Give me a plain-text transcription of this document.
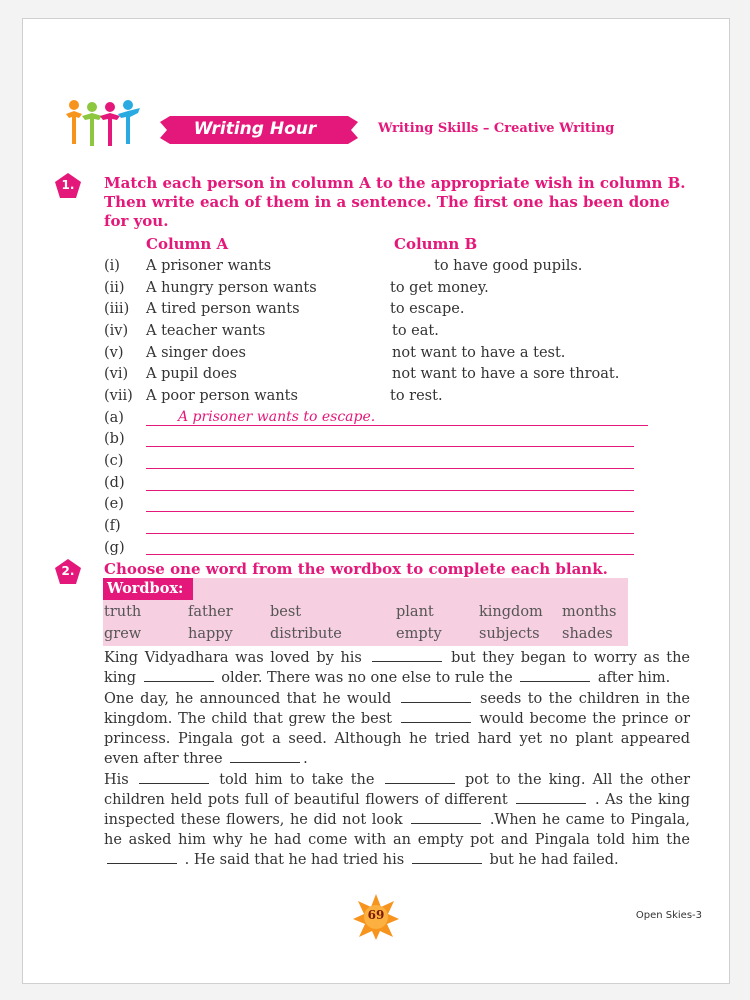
Writing Hour	Writing Skills – Creative Writing
1.	Match each person in column A to the appropriate wish in column B. Then write each of them in a sentence. The first one has been done for you.
Column A	Column B
(i) A prisoner wants	to have good pupils.
(ii) A hungry person wants	to get money.
(iii) A tired person wants	to escape.
(iv) A teacher wants	to eat.
(v) A singer does	not want to have a test.
(vi) A pupil does	not want to have a sore throat.
(vii) A poor person wants	to rest.
(a)	A prisoner wants to escape.
(b)
(c)
(d)
(e)
(f)
(g)
2.	Choose one word from the wordbox to complete each blank.
Wordbox:
truth	father	best	plant	kingdom months
grew	happy	distribute	empty	subjects shades
King Vidyadhara was loved by his	but they began to worry as the king	older. There was no one else to rule the	after him.
One day, he announced that he would	seeds to the children in the kingdom. The child that grew the best	would become the prince or princess. Pingala got a seed. Although he tried hard yet no plant appeared even after three	.
His	told him to take the	pot to the king. All the other children held pots full of beautiful flowers of different	. As the king inspected these flowers, he did not look	.When he came to Pingala, he asked him why he had come with an empty pot and Pingala told him the  . He said that he had tried his	but he had failed.
69	Open Skies-3
